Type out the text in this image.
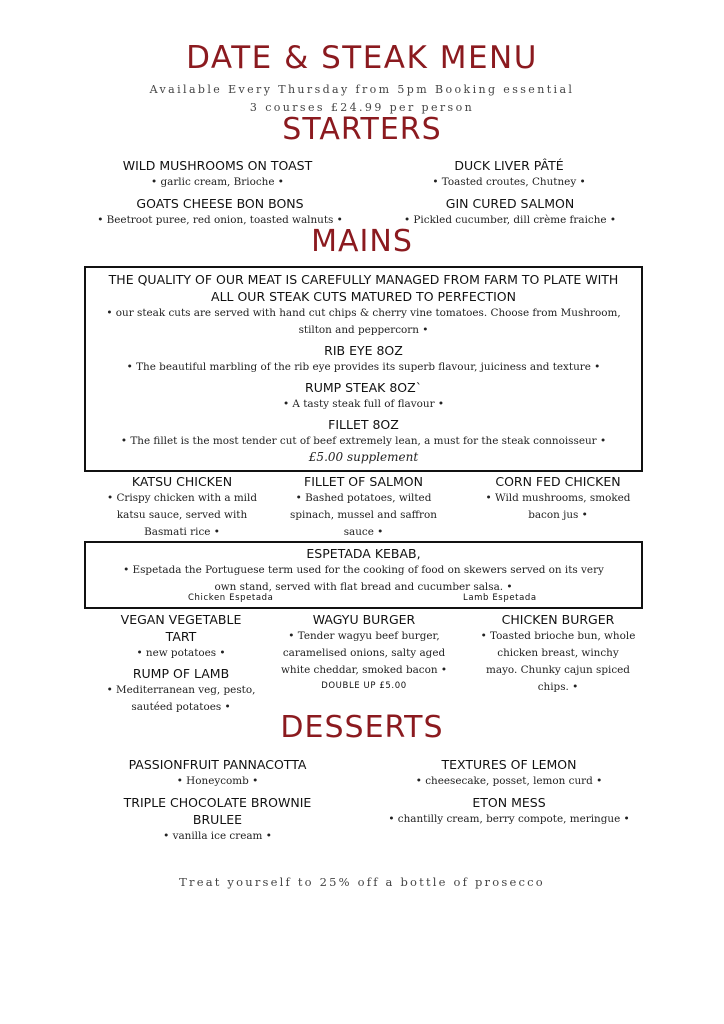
DATE & STEAK MENU
Available Every Thursday from 5pm Booking essential
3 courses £24.99 per person
STARTERS
WILD MUSHROOMS ON TOAST
• garlic cream, Brioche •
DUCK LIVER PÂTÉ
• Toasted croutes, Chutney •
GOATS CHEESE BON BONS
• Beetroot puree, red onion, toasted walnuts •
GIN CURED SALMON
• Pickled cucumber, dill crème fraiche •
MAINS
THE QUALITY OF OUR MEAT IS CAREFULLY MANAGED FROM FARM TO PLATE WITH ALL OUR STEAK CUTS MATURED TO PERFECTION
• our steak cuts are served with hand cut chips & cherry vine tomatoes. Choose from Mushroom, stilton and peppercorn •
RIB EYE 8OZ
• The beautiful marbling of the rib eye provides its superb flavour, juiciness and texture •
RUMP STEAK 8OZ`
• A tasty steak full of flavour •
FILLET 8OZ
• The fillet is the most tender cut of beef extremely lean, a must for the steak connoisseur •
£5.00 supplement
KATSU CHICKEN
• Crispy chicken with a mild katsu sauce, served with Basmati rice •
FILLET OF SALMON
• Bashed potatoes, wilted spinach, mussel and saffron sauce •
CORN FED CHICKEN
• Wild mushrooms, smoked bacon jus •
ESPETADA KEBAB,
• Espetada the Portuguese term used for the cooking of food on skewers served on its very own stand, served with flat bread and cucumber salsa. •
Chicken Espetada	Lamb Espetada
VEGAN VEGETABLE TART
• new potatoes •
WAGYU BURGER
• Tender wagyu beef burger, caramelised onions, salty aged white cheddar, smoked bacon •
DOUBLE UP £5.00
CHICKEN BURGER
• Toasted brioche bun, whole chicken breast, winchy mayo. Chunky cajun spiced chips. •
RUMP OF LAMB
• Mediterranean veg, pesto, sautéed potatoes •
DESSERTS
PASSIONFRUIT PANNACOTTA
• Honeycomb •
TEXTURES OF LEMON
• cheesecake, posset, lemon curd •
TRIPLE CHOCOLATE BROWNIE BRULEE
• vanilla ice cream •
ETON MESS
• chantilly cream, berry compote, meringue •
Treat yourself to 25% off a bottle of prosecco
